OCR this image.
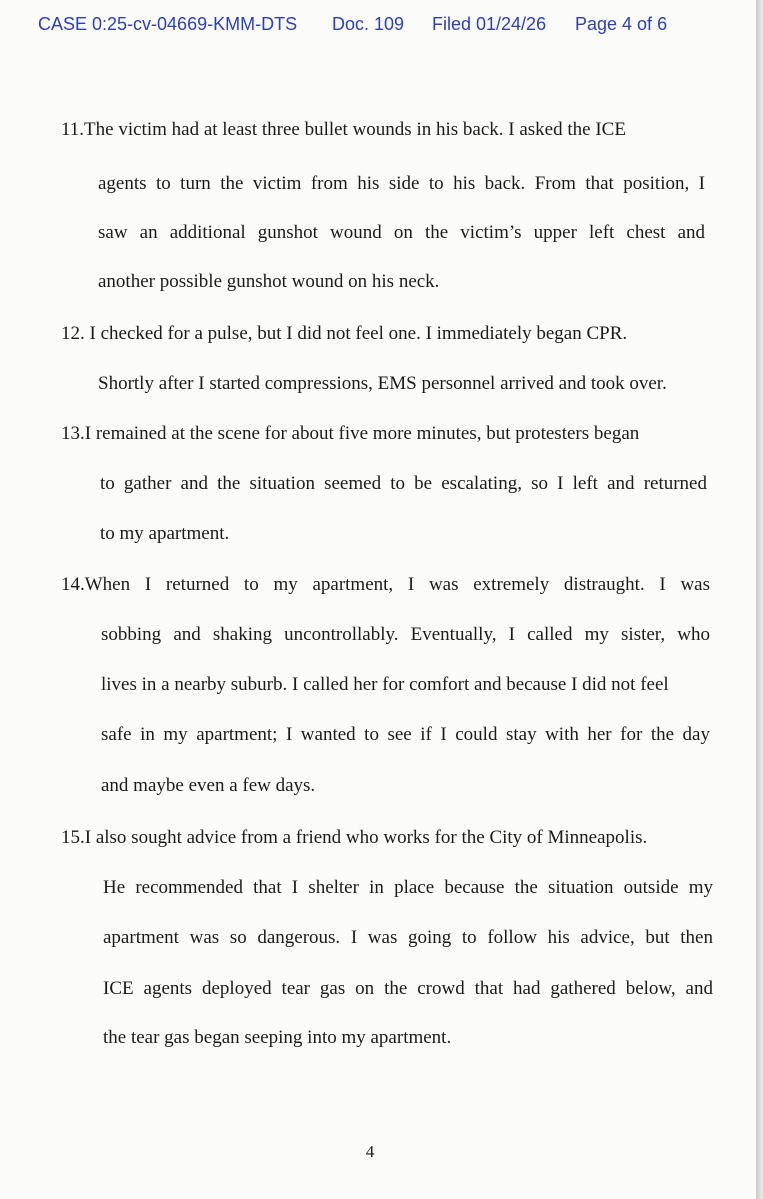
CASE 0:25-cv-04669-KMM-DTS Doc. 109 Filed 01/24/26 Page 4 of 6
11.The victim had at least three bullet wounds in his back. I asked the ICE
agents to turn the victim from his side to his back. From that position, I
saw an additional gunshot wound on the victim’s upper left chest and
another possible gunshot wound on his neck.
12. I checked for a pulse, but I did not feel one. I immediately began CPR.
Shortly after I started compressions, EMS personnel arrived and took over.
13.I remained at the scene for about five more minutes, but protesters began
to gather and the situation seemed to be escalating, so I left and returned
to my apartment.
14.When I returned to my apartment, I was extremely distraught. I was
sobbing and shaking uncontrollably. Eventually, I called my sister, who
lives in a nearby suburb. I called her for comfort and because I did not feel
safe in my apartment; I wanted to see if I could stay with her for the day
and maybe even a few days.
15.I also sought advice from a friend who works for the City of Minneapolis.
He recommended that I shelter in place because the situation outside my
apartment was so dangerous. I was going to follow his advice, but then
ICE agents deployed tear gas on the crowd that had gathered below, and
the tear gas began seeping into my apartment.
4
